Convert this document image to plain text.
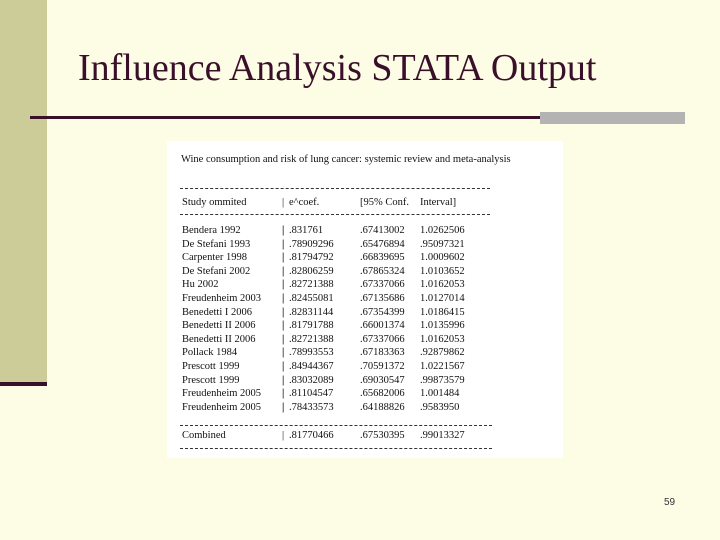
Influence Analysis STATA Output
Wine consumption and risk of lung cancer: systemic review and meta-analysis
Study ommited	| e^coef.	[95% Conf. Interval]
Bendera 1992	| .831761	.67413002 1.0262506
De Stefani 1993	| .78909296	.65476894 .95097321
Carpenter 1998	| .81794792	.66839695 1.0009602
De Stefani 2002	| .82806259	.67865324 1.0103652
Hu 2002	| .82721388	.67337066 1.0162053
Freudenheim 2003 | .82455081	.67135686 1.0127014
Benedetti I 2006	| .82831144	.67354399 1.0186415
Benedetti II 2006	| .81791788	.66001374 1.0135996
Benedetti II 2006	| .82721388	.67337066 1.0162053
Pollack 1984	| .78993553	.67183363 .92879862
Prescott 1999	| .84944367	.70591372 1.0221567
Prescott 1999	| .83032089	.69030547 .99873579
Freudenheim 2005 | .81104547	.65682006 1.001484
Freudenheim 2005 | .78433573	.64188826 .9583950
Combined	| .81770466	.67530395 .99013327
59
